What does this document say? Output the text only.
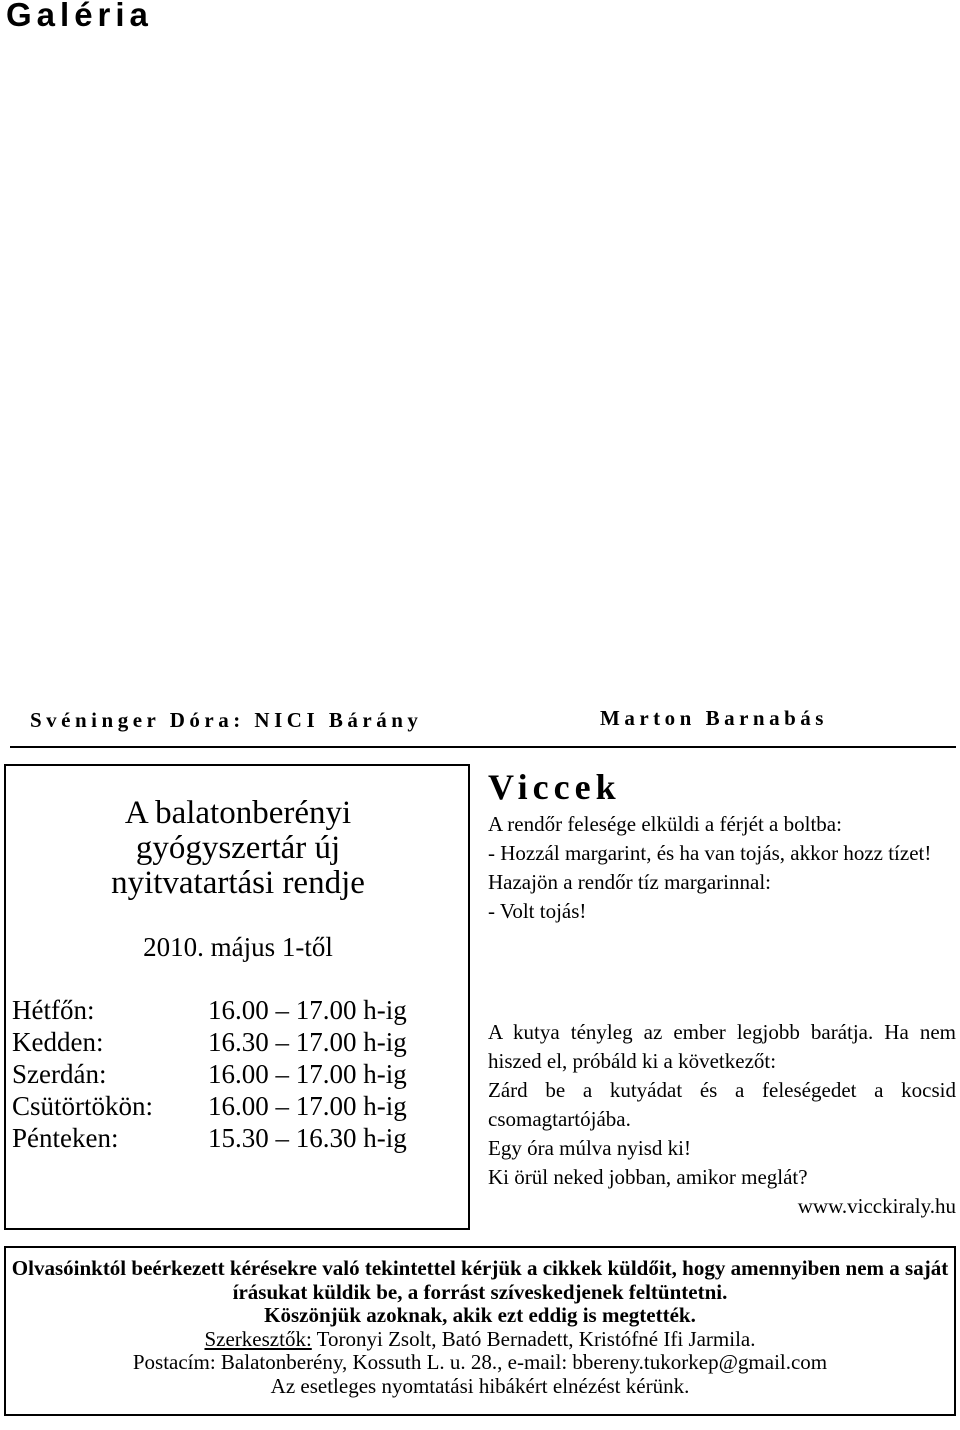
Galéria
Svéninger Dóra: NICI Bárány	Marton Barnabás
A balatonberényi
gyógyszertár új
nyitvatartási rendje
2010. május 1-től
Hétfőn:	16.00 – 17.00 h-ig
Kedden:	16.30 – 17.00 h-ig
Szerdán:	16.00 – 17.00 h-ig
Csütörtökön:	16.00 – 17.00 h-ig
Pénteken:	15.30 – 16.30 h-ig
Viccek

A rendőr felesége elküldi a férjét a boltba:

- Hozzál margarint, és ha van tojás, akkor hozz tízet!

Hazajön a rendőr tíz margarinnal:

- Volt tojás!

A kutya tényleg az ember legjobb barátja. Ha nem hiszed el, próbáld ki a következőt:

Zárd be a kutyádat és a feleségedet a kocsid csomagtartójába.

Egy óra múlva nyisd ki!

Ki örül neked jobban, amikor meglát?

www.vicckiraly.hu

Olvasóinktól beérkezett kérésekre való tekintettel kérjük a cikkek küldőit, hogy amennyiben nem a saját írásukat küldik be, a forrást szíveskedjenek feltüntetni.

Köszönjük azoknak, akik ezt eddig is megtették.

Szerkesztők: Toronyi Zsolt, Bató Bernadett, Kristófné Ifi Jarmila.

Postacím: Balatonberény, Kossuth L. u. 28., e-mail: bbereny.tukorkep@gmail.com

Az esetleges nyomtatási hibákért elnézést kérünk.
